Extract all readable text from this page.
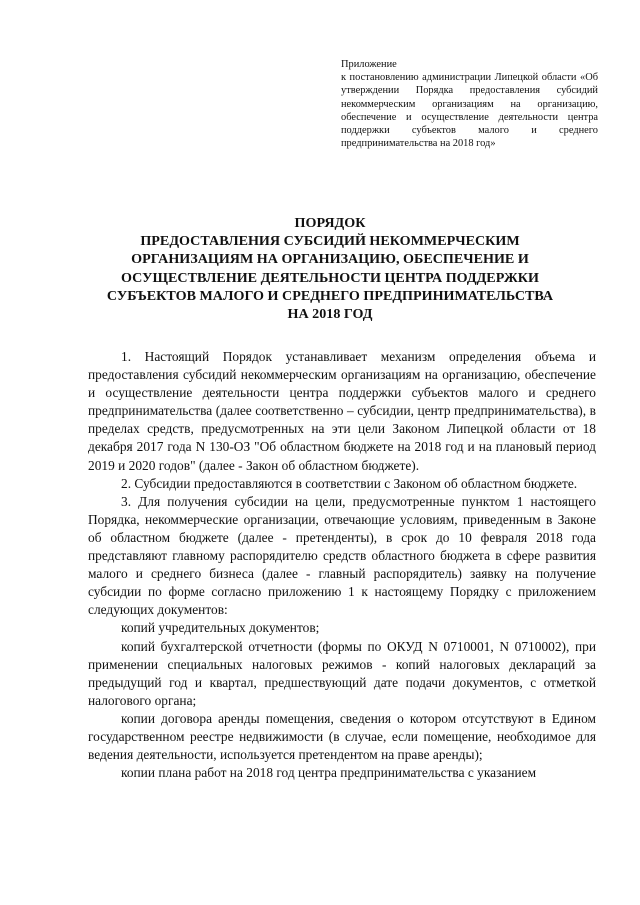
Приложение
к постановлению администрации Липецкой области «Об утверждении Порядка предоставления субсидий некоммерческим организациям на организацию, обеспечение и осуществление деятельности центра поддержки субъектов малого и среднего предпринимательства на 2018 год»
ПОРЯДОК
ПРЕДОСТАВЛЕНИЯ СУБСИДИЙ НЕКОММЕРЧЕСКИМ
ОРГАНИЗАЦИЯМ НА ОРГАНИЗАЦИЮ, ОБЕСПЕЧЕНИЕ И
ОСУЩЕСТВЛЕНИЕ ДЕЯТЕЛЬНОСТИ ЦЕНТРА ПОДДЕРЖКИ
СУБЪЕКТОВ МАЛОГО И СРЕДНЕГО ПРЕДПРИНИМАТЕЛЬСТВА
НА 2018 ГОД

1. Настоящий Порядок устанавливает механизм определения объема и предоставления субсидий некоммерческим организациям на организацию, обеспечение и осуществление деятельности центра поддержки субъектов малого и среднего предпринимательства (далее соответственно – субсидии, центр предпринимательства), в пределах средств, предусмотренных на эти цели Законом Липецкой области от 18 декабря 2017 года N 130-ОЗ "Об областном бюджете на 2018 год и на плановый период 2019 и 2020 годов" (далее - Закон об областном бюджете).

2. Субсидии предоставляются в соответствии с Законом об областном бюджете.

3. Для получения субсидии на цели, предусмотренные пунктом 1 настоящего Порядка, некоммерческие организации, отвечающие условиям, приведенным в Законе об областном бюджете (далее - претенденты), в срок до 10 февраля 2018 года представляют главному распорядителю средств областного бюджета в сфере развития малого и среднего бизнеса (далее - главный распорядитель) заявку на получение субсидии по форме согласно приложению 1 к настоящему Порядку с приложением следующих документов:

копий учредительных документов;

копий бухгалтерской отчетности (формы по ОКУД N 0710001, N 0710002), при применении специальных налоговых режимов - копий налоговых деклараций за предыдущий год и квартал, предшествующий дате подачи документов, с отметкой налогового органа;

копии договора аренды помещения, сведения о котором отсутствуют в Едином государственном реестре недвижимости (в случае, если помещение, необходимое для ведения деятельности, используется претендентом на праве аренды);

копии плана работ на 2018 год центра предпринимательства с указанием
